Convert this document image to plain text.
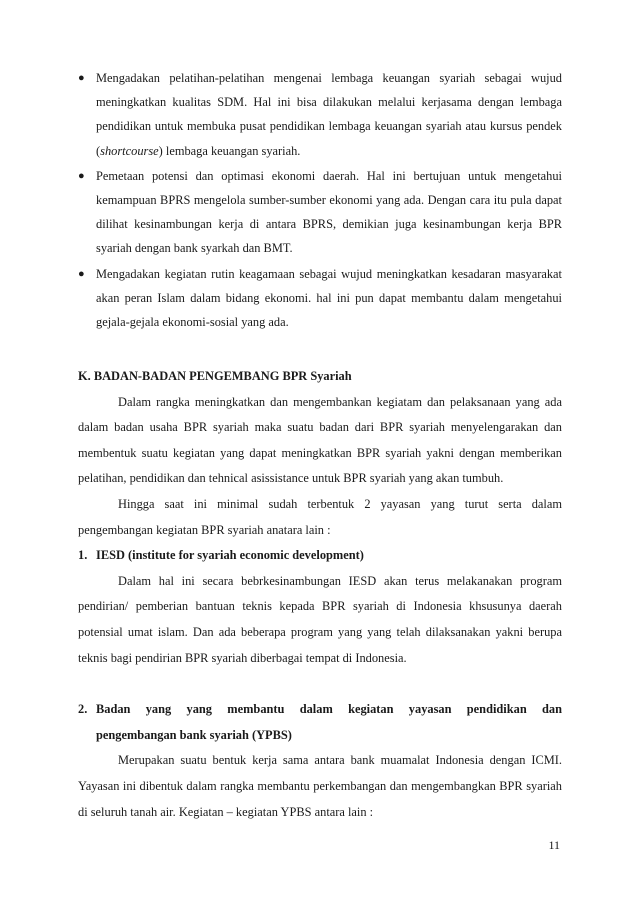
● Mengadakan pelatihan-pelatihan mengenai lembaga keuangan syariah sebagai wujud meningkatkan kualitas SDM. Hal ini bisa dilakukan melalui kerjasama dengan lembaga pendidikan untuk membuka pusat pendidikan lembaga keuangan syariah atau kursus pendek (shortcourse) lembaga keuangan syariah.
● Pemetaan potensi dan optimasi ekonomi daerah. Hal ini bertujuan untuk mengetahui kemampuan BPRS mengelola sumber-sumber ekonomi yang ada. Dengan cara itu pula dapat dilihat kesinambungan kerja di antara BPRS, demikian juga kesinambungan kerja BPR syariah dengan bank syarkah dan BMT.
● Mengadakan kegiatan rutin keagamaan sebagai wujud meningkatkan kesadaran masyarakat akan peran Islam dalam bidang ekonomi. hal ini pun dapat membantu dalam mengetahui gejala-gejala ekonomi-sosial yang ada.
K. BADAN-BADAN PENGEMBANG BPR Syariah
Dalam rangka meningkatkan dan mengembankan kegiatam dan pelaksanaan yang ada dalam badan usaha BPR syariah maka suatu badan dari BPR syariah menyelengarakan dan membentuk suatu kegiatan yang dapat meningkatkan BPR syariah yakni dengan memberikan pelatihan, pendidikan dan tehnical asissistance untuk BPR syariah yang akan tumbuh.
Hingga saat ini minimal sudah terbentuk 2 yayasan yang turut serta dalam pengembangan kegiatan BPR syariah anatara lain :
1. IESD (institute for syariah economic development)
Dalam hal ini secara bebrkesinambungan IESD akan terus melakanakan program pendirian/ pemberian bantuan teknis kepada BPR syariah di Indonesia khsusunya daerah potensial umat islam. Dan ada beberapa program yang yang telah dilaksanakan yakni berupa teknis bagi pendirian BPR syariah diberbagai tempat di Indonesia.
2. Badan yang yang membantu dalam kegiatan yayasan pendidikan dan
pengembangan bank syariah (YPBS)
Merupakan suatu bentuk kerja sama antara bank muamalat Indonesia dengan ICMI. Yayasan ini dibentuk dalam rangka membantu perkembangan dan mengembangkan BPR syariah di seluruh tanah air. Kegiatan – kegiatan YPBS antara lain :
11
